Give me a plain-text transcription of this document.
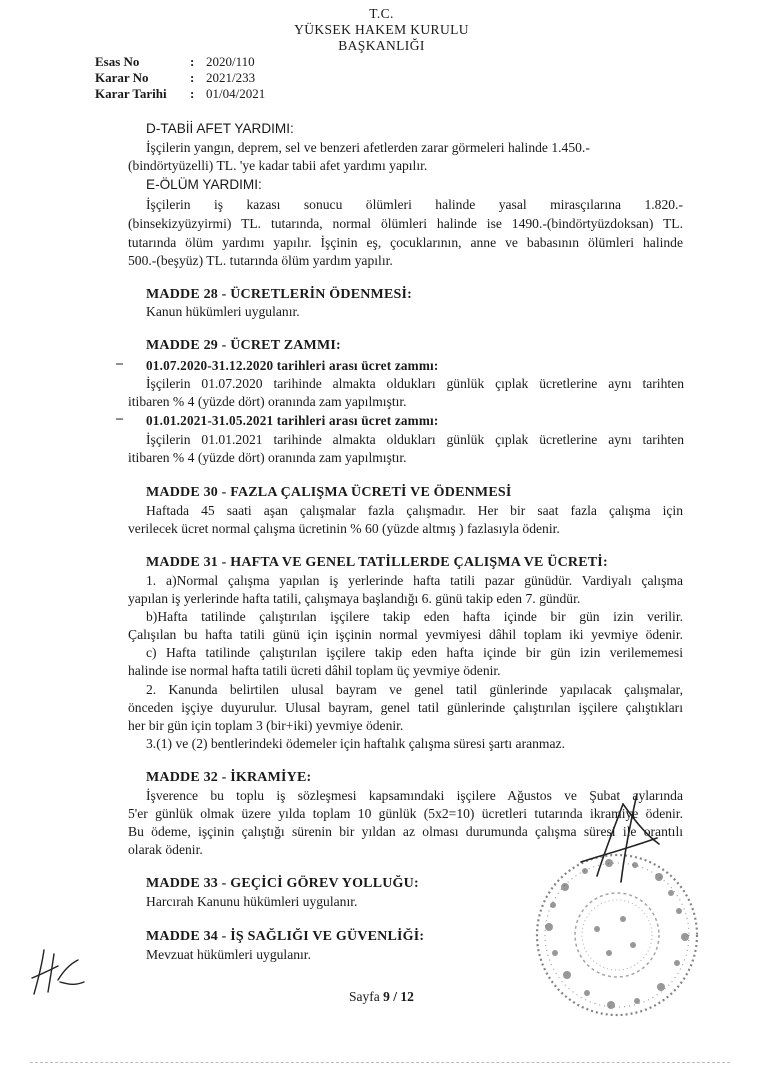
T.C.
YÜKSEK HAKEM KURULU
BAŞKANLIĞI
Esas No	: 2020/110
Karar No	: 2021/233
Karar Tarihi	: 01/04/2021
D-TABİİ AFET YARDIMI:
İşçilerin yangın, deprem, sel ve benzeri afetlerden zarar görmeleri halinde 1.450.-
(bindörtyüzelli) TL. 'ye kadar tabii afet yardımı yapılır.
E-ÖLÜM YARDIMI:
İşçilerin iş kazası sonucu ölümleri halinde yasal mirasçılarına 1.820.-
(binsekizyüzyirmi) TL. tutarında, normal ölümleri halinde ise 1490.-(bindörtyüzdoksan) TL.
tutarında ölüm yardımı yapılır. İşçinin eş, çocuklarının, anne ve babasının ölümleri halinde
500.-(beşyüz) TL. tutarında ölüm yardım yapılır.
MADDE 28 - ÜCRETLERİN ÖDENMESİ:
Kanun hükümleri uygulanır.
MADDE 29 - ÜCRET ZAMMI:
– 01.07.2020-31.12.2020 tarihleri arası ücret zammı:
İşçilerin 01.07.2020 tarihinde almakta oldukları günlük çıplak ücretlerine aynı tarihten
itibaren % 4 (yüzde dört) oranında zam yapılmıştır.
– 01.01.2021-31.05.2021 tarihleri arası ücret zammı:
İşçilerin 01.01.2021 tarihinde almakta oldukları günlük çıplak ücretlerine aynı tarihten
itibaren % 4 (yüzde dört) oranında zam yapılmıştır.
MADDE 30 - FAZLA ÇALIŞMA ÜCRETİ VE ÖDENMESİ
Haftada 45 saati aşan çalışmalar fazla çalışmadır. Her bir saat fazla çalışma için
verilecek ücret normal çalışma ücretinin % 60 (yüzde altmış ) fazlasıyla ödenir.
MADDE 31 - HAFTA VE GENEL TATİLLERDE ÇALIŞMA VE ÜCRETİ:
1. a)Normal çalışma yapılan iş yerlerinde hafta tatili pazar günüdür. Vardiyalı çalışma
yapılan iş yerlerinde hafta tatili, çalışmaya başlandığı 6. günü takip eden 7. gündür.
b)Hafta tatilinde çalıştırılan işçilere takip eden hafta içinde bir gün izin verilir.
Çalışılan bu hafta tatili günü için işçinin normal yevmiyesi dâhil toplam iki yevmiye ödenir.
c) Hafta tatilinde çalıştırılan işçilere takip eden hafta içinde bir gün izin verilememesi
halinde ise normal hafta tatili ücreti dâhil toplam üç yevmiye ödenir.
2. Kanunda belirtilen ulusal bayram ve genel tatil günlerinde yapılacak çalışmalar,
önceden işçiye duyurulur. Ulusal bayram, genel tatil günlerinde çalıştırılan işçilere çalıştıkları
her bir gün için toplam 3 (bir+iki) yevmiye ödenir.
3.(1) ve (2) bentlerindeki ödemeler için haftalık çalışma süresi şartı aranmaz.
MADDE 32 - İKRAMİYE:
İşverence bu toplu iş sözleşmesi kapsamındaki işçilere Ağustos ve Şubat aylarında
5'er günlük olmak üzere yılda toplam 10 günlük (5x2=10) ücretleri tutarında ikramiye ödenir.
Bu ödeme, işçinin çalıştığı sürenin bir yıldan az olması durumunda çalışma süresi ile orantılı
olarak ödenir.
MADDE 33 - GEÇİCİ GÖREV YOLLUĞU:
Harcırah Kanunu hükümleri uygulanır.
MADDE 34 - İŞ SAĞLIĞI VE GÜVENLİĞİ:
Mevzuat hükümleri uygulanır.
Sayfa 9 / 12
